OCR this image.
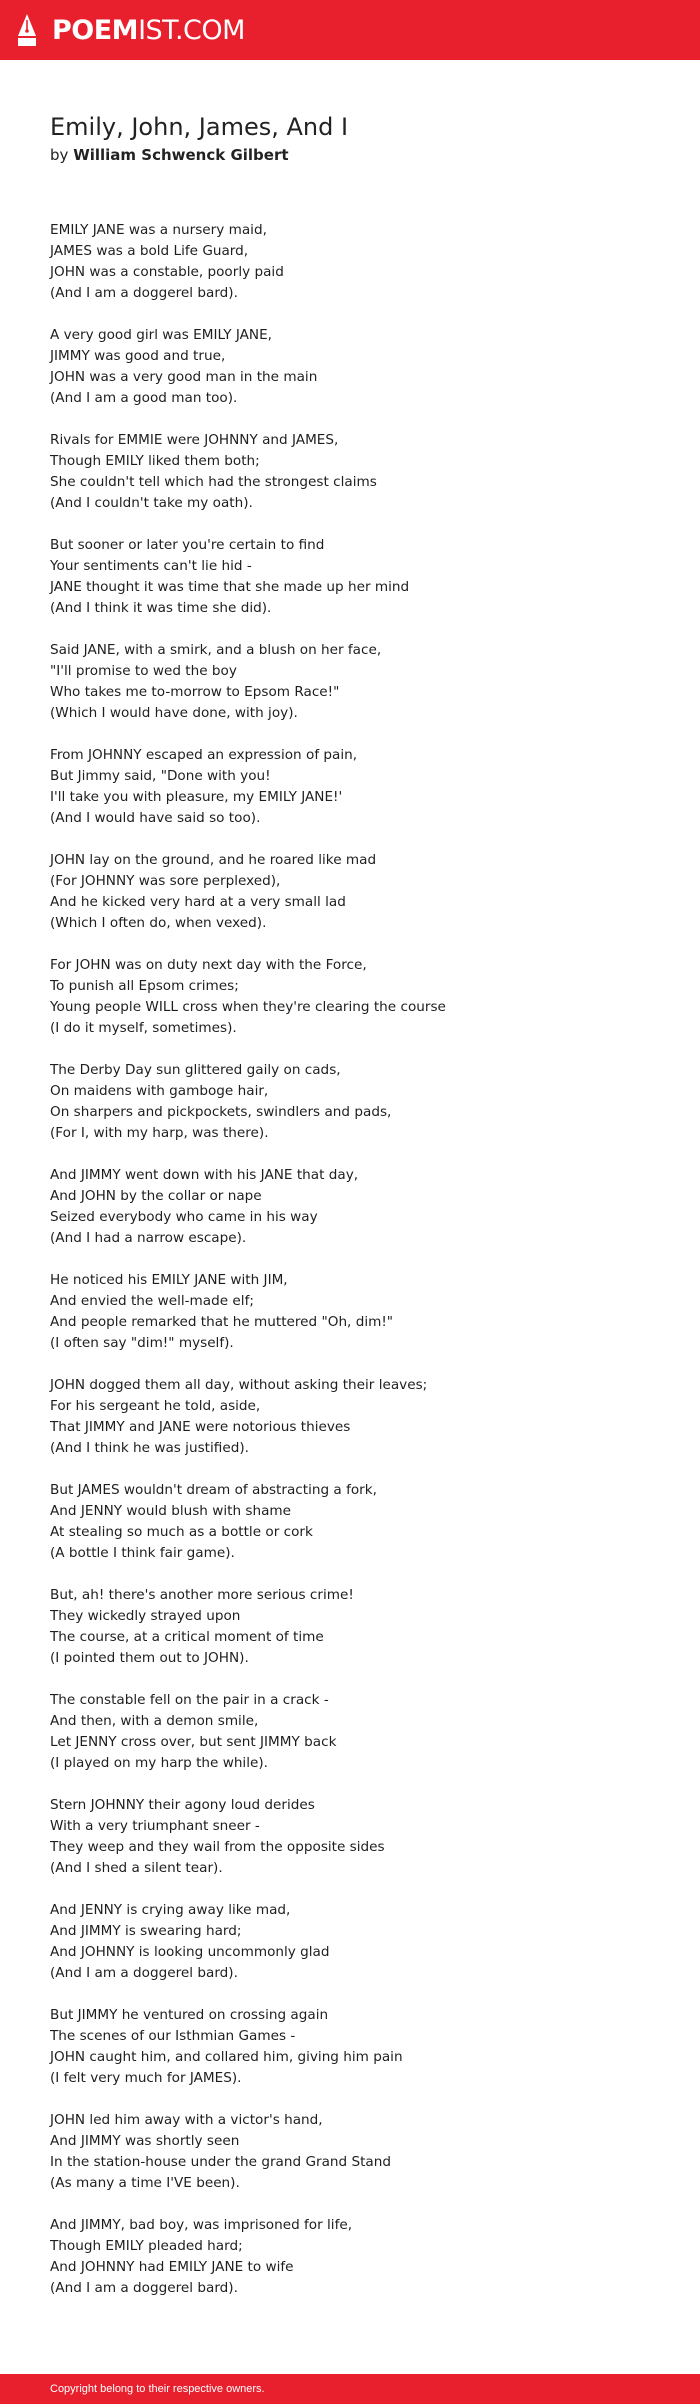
POEMIST.COM
Emily, John, James, And I
by William Schwenck Gilbert

EMILY JANE was a nursery maid,
JAMES was a bold Life Guard,
JOHN was a constable, poorly paid
(And I am a doggerel bard).

A very good girl was EMILY JANE,
JIMMY was good and true,
JOHN was a very good man in the main
(And I am a good man too).

Rivals for EMMIE were JOHNNY and JAMES,
Though EMILY liked them both;
She couldn't tell which had the strongest claims
(And I couldn't take my oath).

But sooner or later you're certain to find
Your sentiments can't lie hid -
JANE thought it was time that she made up her mind
(And I think it was time she did).

Said JANE, with a smirk, and a blush on her face,
"I'll promise to wed the boy
Who takes me to-morrow to Epsom Race!"
(Which I would have done, with joy).

From JOHNNY escaped an expression of pain,
But Jimmy said, "Done with you!
I'll take you with pleasure, my EMILY JANE!'
(And I would have said so too).

JOHN lay on the ground, and he roared like mad
(For JOHNNY was sore perplexed),
And he kicked very hard at a very small lad
(Which I often do, when vexed).

For JOHN was on duty next day with the Force,
To punish all Epsom crimes;
Young people WILL cross when they're clearing the course
(I do it myself, sometimes).

The Derby Day sun glittered gaily on cads,
On maidens with gamboge hair,
On sharpers and pickpockets, swindlers and pads,
(For I, with my harp, was there).

And JIMMY went down with his JANE that day,
And JOHN by the collar or nape
Seized everybody who came in his way
(And I had a narrow escape).

He noticed his EMILY JANE with JIM,
And envied the well-made elf;
And people remarked that he muttered "Oh, dim!"
(I often say "dim!" myself).

JOHN dogged them all day, without asking their leaves;
For his sergeant he told, aside,
That JIMMY and JANE were notorious thieves
(And I think he was justified).

But JAMES wouldn't dream of abstracting a fork,
And JENNY would blush with shame
At stealing so much as a bottle or cork
(A bottle I think fair game).

But, ah! there's another more serious crime!
They wickedly strayed upon
The course, at a critical moment of time
(I pointed them out to JOHN).

The constable fell on the pair in a crack -
And then, with a demon smile,
Let JENNY cross over, but sent JIMMY back
(I played on my harp the while).

Stern JOHNNY their agony loud derides
With a very triumphant sneer -
They weep and they wail from the opposite sides
(And I shed a silent tear).

And JENNY is crying away like mad,
And JIMMY is swearing hard;
And JOHNNY is looking uncommonly glad
(And I am a doggerel bard).

But JIMMY he ventured on crossing again
The scenes of our Isthmian Games -
JOHN caught him, and collared him, giving him pain
(I felt very much for JAMES).

JOHN led him away with a victor's hand,
And JIMMY was shortly seen
In the station-house under the grand Grand Stand
(As many a time I'VE been).

And JIMMY, bad boy, was imprisoned for life,
Though EMILY pleaded hard;
And JOHNNY had EMILY JANE to wife
(And I am a doggerel bard).

Copyright belong to their respective owners.
